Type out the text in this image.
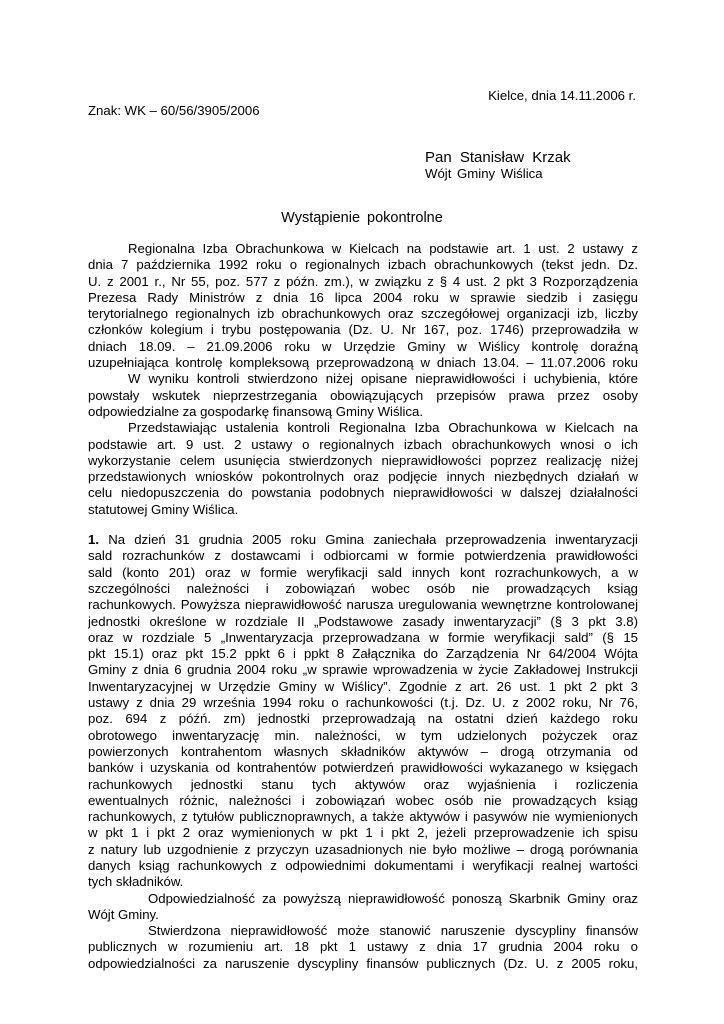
Kielce, dnia 14.11.2006 r.
Znak: WK – 60/56/3905/2006
Pan Stanisław Krzak
Wójt Gminy Wiślica
Wystąpienie pokontrolne
Regionalna Izba Obrachunkowa w Kielcach na podstawie art. 1 ust. 2 ustawy z
dnia 7 października 1992 roku o regionalnych izbach obrachunkowych (tekst jedn. Dz.
U. z 2001 r., Nr 55, poz. 577 z późn. zm.), w związku z § 4 ust. 2 pkt 3 Rozporządzenia
Prezesa Rady Ministrów z dnia 16 lipca 2004 roku w sprawie siedzib i zasięgu
terytorialnego regionalnych izb obrachunkowych oraz szczegółowej organizacji izb, liczby
członków kolegium i trybu postępowania (Dz. U. Nr 167, poz. 1746) przeprowadziła w
dniach 18.09. – 21.09.2006 roku w Urzędzie Gminy w Wiślicy kontrolę doraźną
uzupełniająca kontrolę kompleksową przeprowadzoną w dniach 13.04. – 11.07.2006 roku
W wyniku kontroli stwierdzono niżej opisane nieprawidłowości i uchybienia, które
powstały wskutek nieprzestrzegania obowiązujących przepisów prawa przez osoby
odpowiedzialne za gospodarkę finansową Gminy Wiślica.
Przedstawiając ustalenia kontroli Regionalna Izba Obrachunkowa w Kielcach na
podstawie art. 9 ust. 2 ustawy o regionalnych izbach obrachunkowych wnosi o ich
wykorzystanie celem usunięcia stwierdzonych nieprawidłowości poprzez realizację niżej
przedstawionych wniosków pokontrolnych oraz podjęcie innych niezbędnych działań w
celu niedopuszczenia do powstania podobnych nieprawidłowości w dalszej działalności
statutowej Gminy Wiślica.
1. Na dzień 31 grudnia 2005 roku Gmina zaniechała przeprowadzenia inwentaryzacji
sald rozrachunków z dostawcami i odbiorcami w formie potwierdzenia prawidłowości
sald (konto 201) oraz w formie weryfikacji sald innych kont rozrachunkowych, a w
szczególności należności i zobowiązań wobec osób nie prowadzących ksiąg
rachunkowych. Powyższa nieprawidłowość narusza uregulowania wewnętrzne kontrolowanej
jednostki określone w rozdziale II „Podstawowe zasady inwentaryzacji” (§ 3 pkt 3.8)
oraz w rozdziale 5 „Inwentaryzacja przeprowadzana w formie weryfikacji sald” (§ 15
pkt 15.1) oraz pkt 15.2 ppkt 6 i ppkt 8 Załącznika do Zarządzenia Nr 64/2004 Wójta
Gminy z dnia 6 grudnia 2004 roku „w sprawie wprowadzenia w życie Zakładowej Instrukcji
Inwentaryzacyjnej w Urzędzie Gminy w Wiślicy”. Zgodnie z art. 26 ust. 1 pkt 2 pkt 3
ustawy z dnia 29 września 1994 roku o rachunkowości (t.j. Dz. U. z 2002 roku, Nr 76,
poz. 694 z późń. zm) jednostki przeprowadzają na ostatni dzień każdego roku
obrotowego inwentaryzację min. należności, w tym udzielonych pożyczek oraz
powierzonych kontrahentom własnych składników aktywów – drogą otrzymania od
banków i uzyskania od kontrahentów potwierdzeń prawidłowości wykazanego w księgach
rachunkowych jednostki stanu tych aktywów oraz wyjaśnienia i rozliczenia
ewentualnych różnic, należności i zobowiązań wobec osób nie prowadzących ksiąg
rachunkowych, z tytułów publicznoprawnych, a także aktywów i pasywów nie wymienionych
w pkt 1 i pkt 2 oraz wymienionych w pkt 1 i pkt 2, jeżeli przeprowadzenie ich spisu
z natury lub uzgodnienie z przyczyn uzasadnionych nie było możliwe – drogą porównania
danych ksiąg rachunkowych z odpowiednimi dokumentami i weryfikacji realnej wartości
tych składników.
Odpowiedzialność za powyższą nieprawidłowość ponoszą Skarbnik Gminy oraz
Wójt Gminy.
Stwierdzona nieprawidłowość może stanowić naruszenie dyscypliny finansów
publicznych w rozumieniu art. 18 pkt 1 ustawy z dnia 17 grudnia 2004 roku o
odpowiedzialności za naruszenie dyscypliny finansów publicznych (Dz. U. z 2005 roku,
